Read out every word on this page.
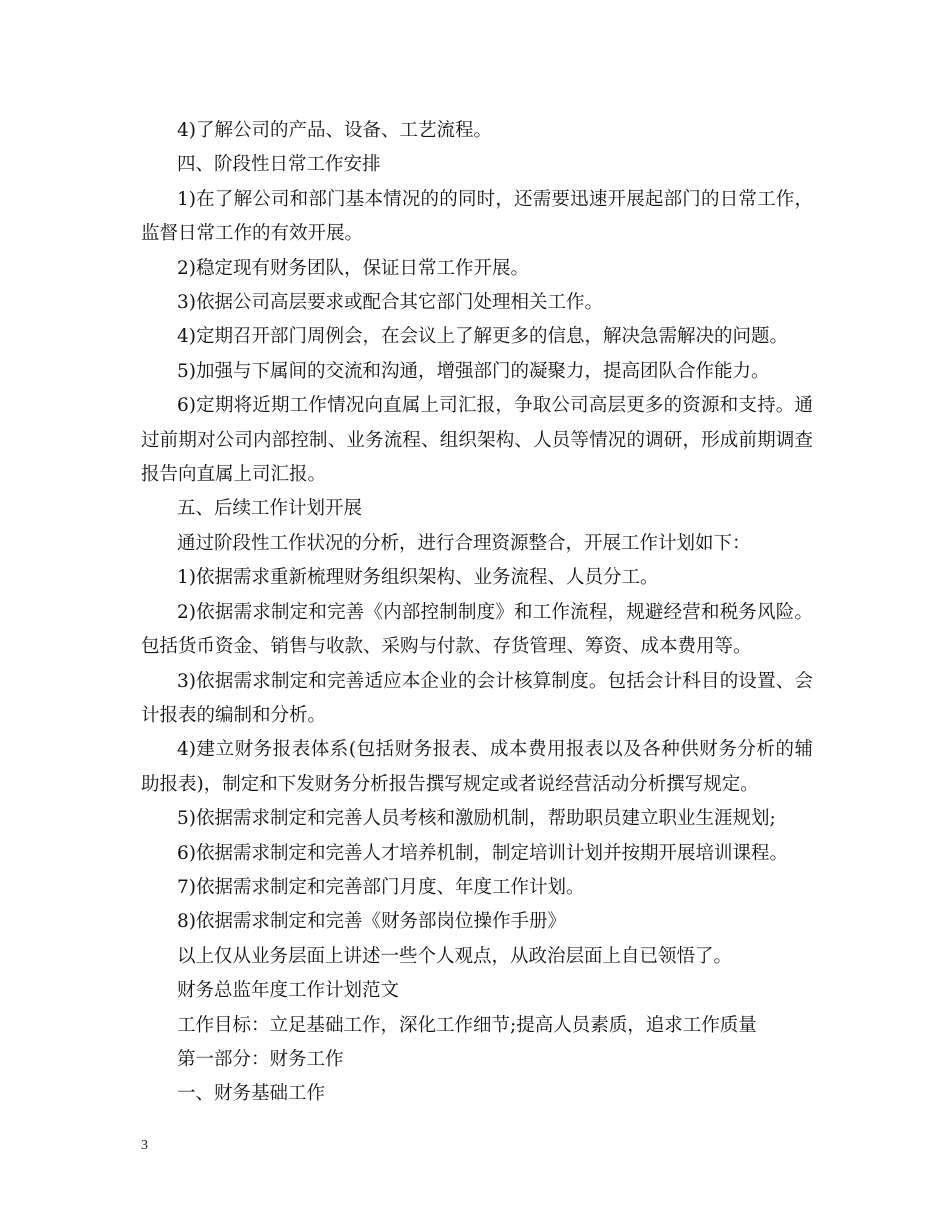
4)了解公司的产品、设备、工艺流程。

四、阶段性日常工作安排

1)在了解公司和部门基本情况的的同时，还需要迅速开展起部门的日常工作，监督日常工作的有效开展。

2)稳定现有财务团队，保证日常工作开展。

3)依据公司高层要求或配合其它部门处理相关工作。

4)定期召开部门周例会，在会议上了解更多的信息，解决急需解决的问题。

5)加强与下属间的交流和沟通，增强部门的凝聚力，提高团队合作能力。

6)定期将近期工作情况向直属上司汇报，争取公司高层更多的资源和支持。通过前期对公司内部控制、业务流程、组织架构、人员等情况的调研，形成前期调查报告向直属上司汇报。

五、后续工作计划开展

通过阶段性工作状况的分析，进行合理资源整合，开展工作计划如下：

1)依据需求重新梳理财务组织架构、业务流程、人员分工。

2)依据需求制定和完善《内部控制制度》和工作流程，规避经营和税务风险。包括货币资金、销售与收款、采购与付款、存货管理、筹资、成本费用等。

3)依据需求制定和完善适应本企业的会计核算制度。包括会计科目的设置、会计报表的编制和分析。

4)建立财务报表体系(包括财务报表、成本费用报表以及各种供财务分析的辅助报表)，制定和下发财务分析报告撰写规定或者说经营活动分析撰写规定。

5)依据需求制定和完善人员考核和激励机制，帮助职员建立职业生涯规划;

6)依据需求制定和完善人才培养机制，制定培训计划并按期开展培训课程。

7)依据需求制定和完善部门月度、年度工作计划。

8)依据需求制定和完善《财务部岗位操作手册》

以上仅从业务层面上讲述一些个人观点，从政治层面上自已领悟了。

财务总监年度工作计划范文

工作目标：立足基础工作，深化工作细节;提高人员素质，追求工作质量

第一部分：财务工作

一、财务基础工作

3
